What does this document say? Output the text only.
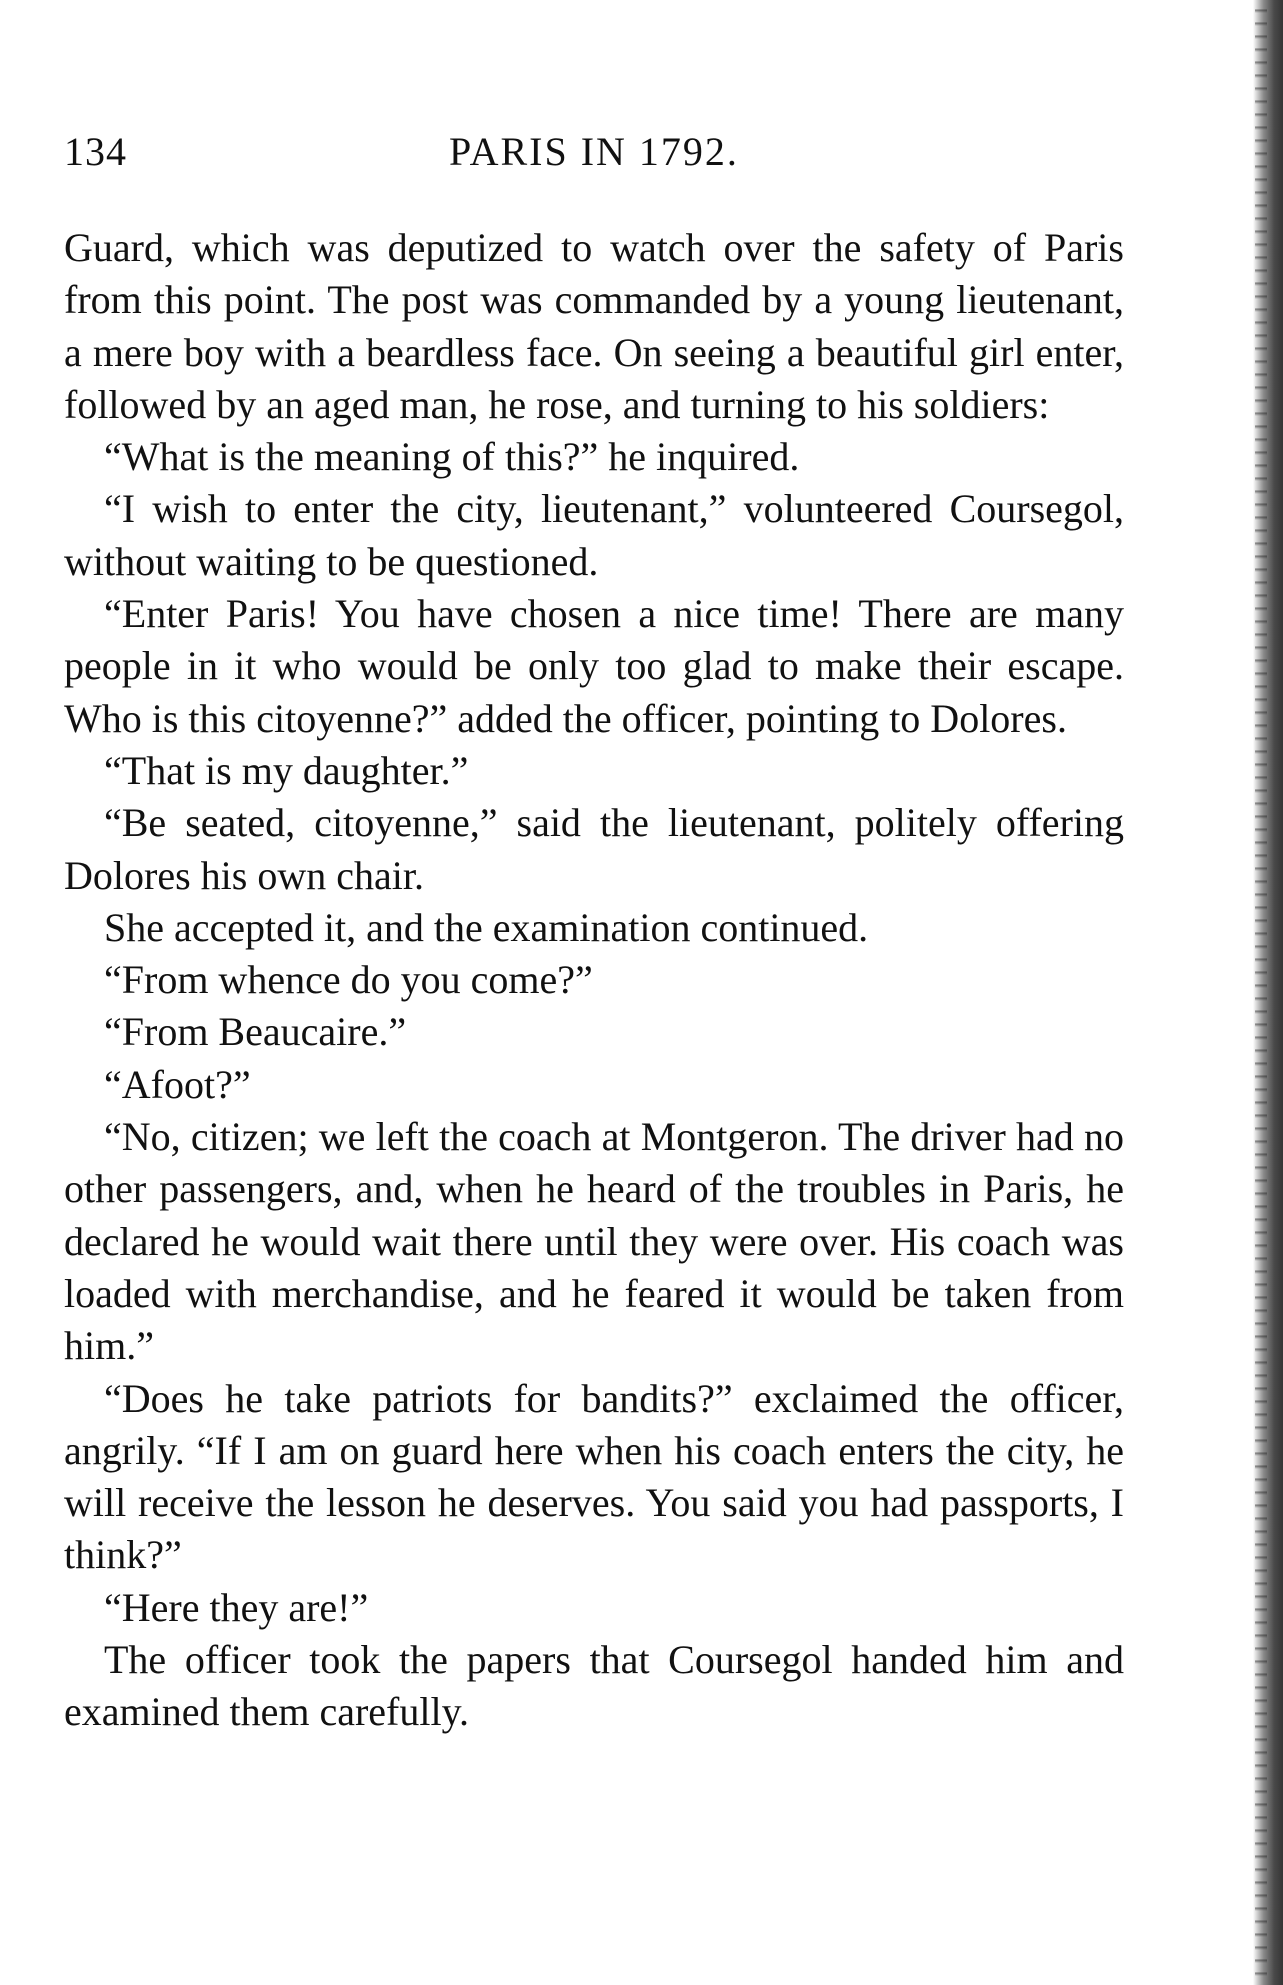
134	PARIS IN 1792.

Guard, which was deputized to watch over the safety of Paris from this point. The post was commanded by a young lieutenant, a mere boy with a beardless face. On seeing a beautiful girl enter, followed by an aged man, he rose, and turning to his soldiers:

“What is the meaning of this?” he inquired.

“I wish to enter the city, lieutenant,” volunteered Coursegol, without waiting to be questioned.

“Enter Paris! You have chosen a nice time! There are many people in it who would be only too glad to make their escape. Who is this citoyenne?” added the officer, pointing to Dolores.

“That is my daughter.”

“Be seated, citoyenne,” said the lieutenant, politely offering Dolores his own chair.

She accepted it, and the examination continued.

“From whence do you come?”

“From Beaucaire.”

“Afoot?”

“No, citizen; we left the coach at Montgeron. The driver had no other passengers, and, when he heard of the troubles in Paris, he declared he would wait there until they were over. His coach was loaded with merchandise, and he feared it would be taken from him.”

“Does he take patriots for bandits?” exclaimed the officer, angrily. “If I am on guard here when his coach enters the city, he will receive the lesson he deserves. You said you had passports, I think?”

“Here they are!”

The officer took the papers that Coursegol handed him and examined them carefully.
